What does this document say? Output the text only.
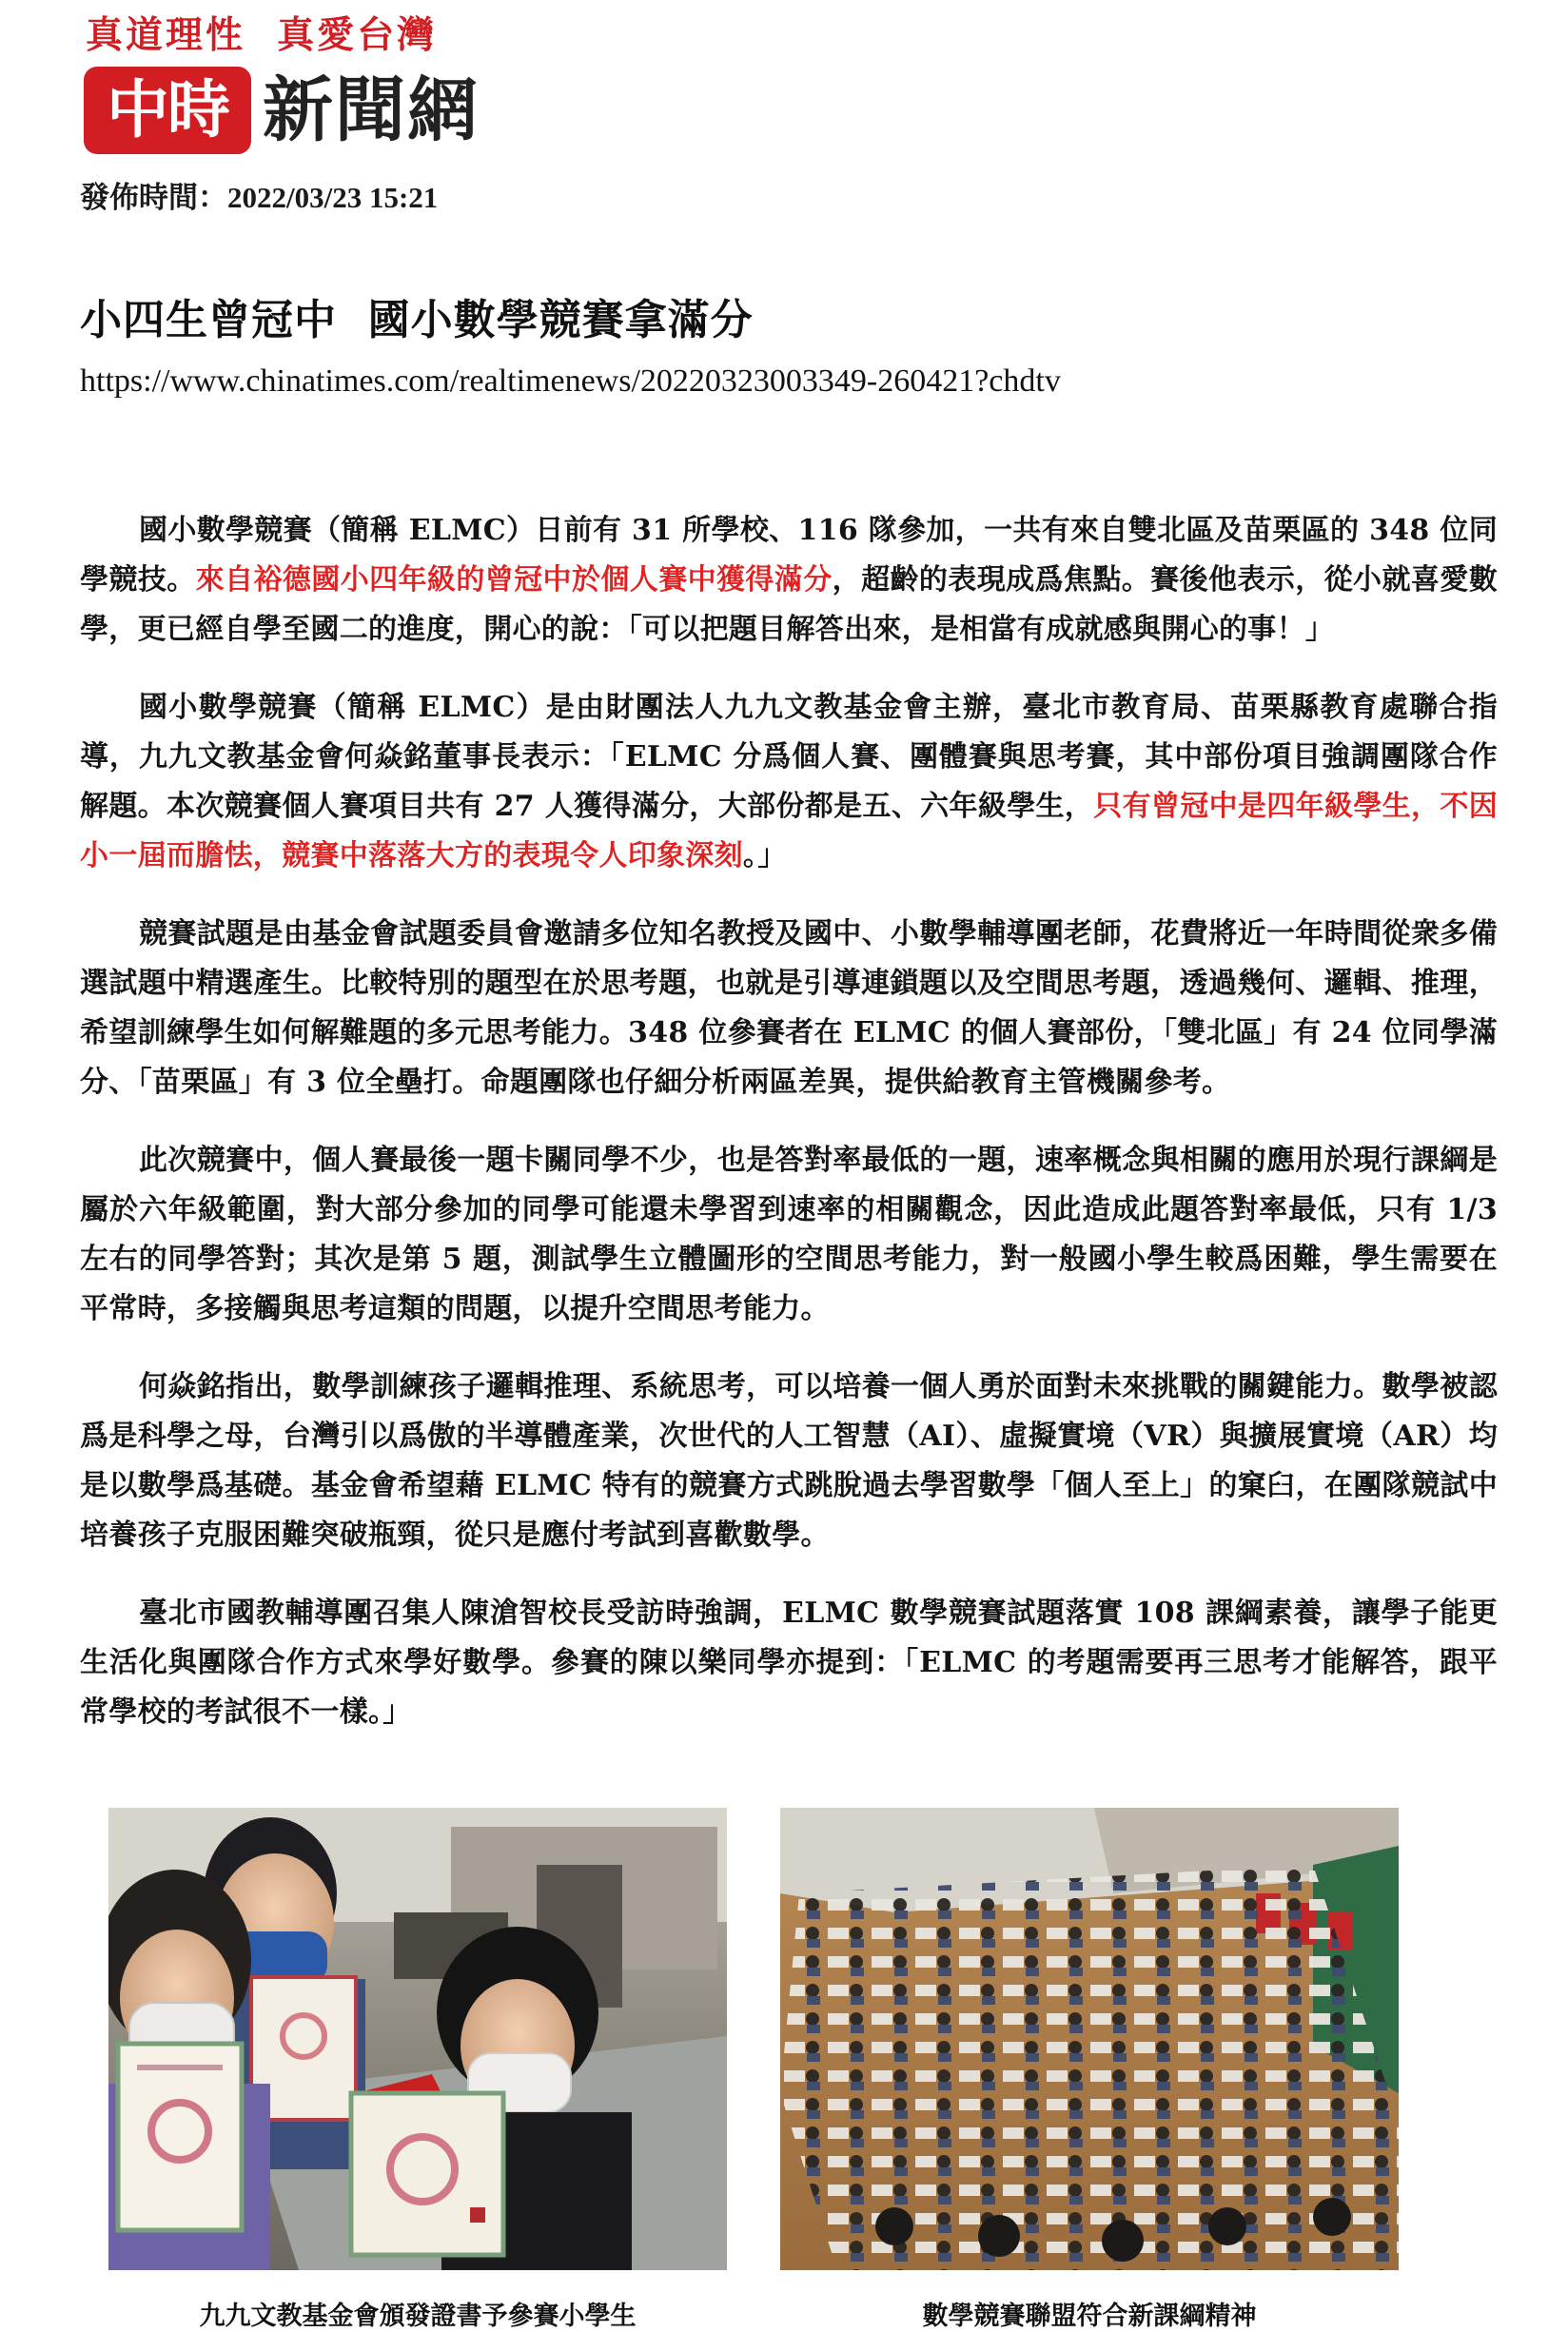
真道理性  真愛台灣
中時 新聞網
發佈時間：2022/03/23 15:21
小四生曾冠中  國小數學競賽拿滿分
https://www.chinatimes.com/realtimenews/20220323003349-260421?chdtv

國小數學競賽（簡稱 ELMC）日前有 31 所學校、116 隊參加，一共有來自雙北區及苗栗區的 348 位同學競技。來自裕德國小四年級的曾冠中於個人賽中獲得滿分，超齡的表現成爲焦點。賽後他表示，從小就喜愛數學，更已經自學至國二的進度，開心的說：「可以把題目解答出來，是相當有成就感與開心的事！」

國小數學競賽（簡稱 ELMC）是由財團法人九九文教基金會主辦，臺北市教育局、苗栗縣教育處聯合指導，九九文教基金會何焱銘董事長表示：「ELMC 分爲個人賽、團體賽與思考賽，其中部份項目強調團隊合作解題。本次競賽個人賽項目共有 27 人獲得滿分，大部份都是五、六年級學生，只有曾冠中是四年級學生，不因小一屆而膽怯，競賽中落落大方的表現令人印象深刻。」

競賽試題是由基金會試題委員會邀請多位知名教授及國中、小數學輔導團老師，花費將近一年時間從衆多備選試題中精選產生。比較特別的題型在於思考題，也就是引導連鎖題以及空間思考題，透過幾何、邏輯、推理，希望訓練學生如何解難題的多元思考能力。348 位參賽者在 ELMC 的個人賽部份，「雙北區」有 24 位同學滿分、「苗栗區」有 3 位全壘打。命題團隊也仔細分析兩區差異，提供給教育主管機關參考。

此次競賽中，個人賽最後一題卡關同學不少，也是答對率最低的一題，速率概念與相關的應用於現行課綱是屬於六年級範圍，對大部分參加的同學可能還未學習到速率的相關觀念，因此造成此題答對率最低，只有 1/3 左右的同學答對；其次是第 5 題，測試學生立體圖形的空間思考能力，對一般國小學生較爲困難，學生需要在平常時，多接觸與思考這類的問題，以提升空間思考能力。

何焱銘指出，數學訓練孩子邏輯推理、系統思考，可以培養一個人勇於面對未來挑戰的關鍵能力。數學被認爲是科學之母，台灣引以爲傲的半導體產業，次世代的人工智慧（AI）、虛擬實境（VR）與擴展實境（AR）均是以數學爲基礎。基金會希望藉 ELMC 特有的競賽方式跳脫過去學習數學「個人至上」的窠臼，在團隊競試中培養孩子克服困難突破瓶頸，從只是應付考試到喜歡數學。

臺北市國教輔導團召集人陳滄智校長受訪時強調，ELMC 數學競賽試題落實 108 課綱素養，讓學子能更生活化與團隊合作方式來學好數學。參賽的陳以樂同學亦提到：「ELMC 的考題需要再三思考才能解答，跟平常學校的考試很不一樣。」

九九文教基金會頒發證書予參賽小學生	數學競賽聯盟符合新課綱精神
